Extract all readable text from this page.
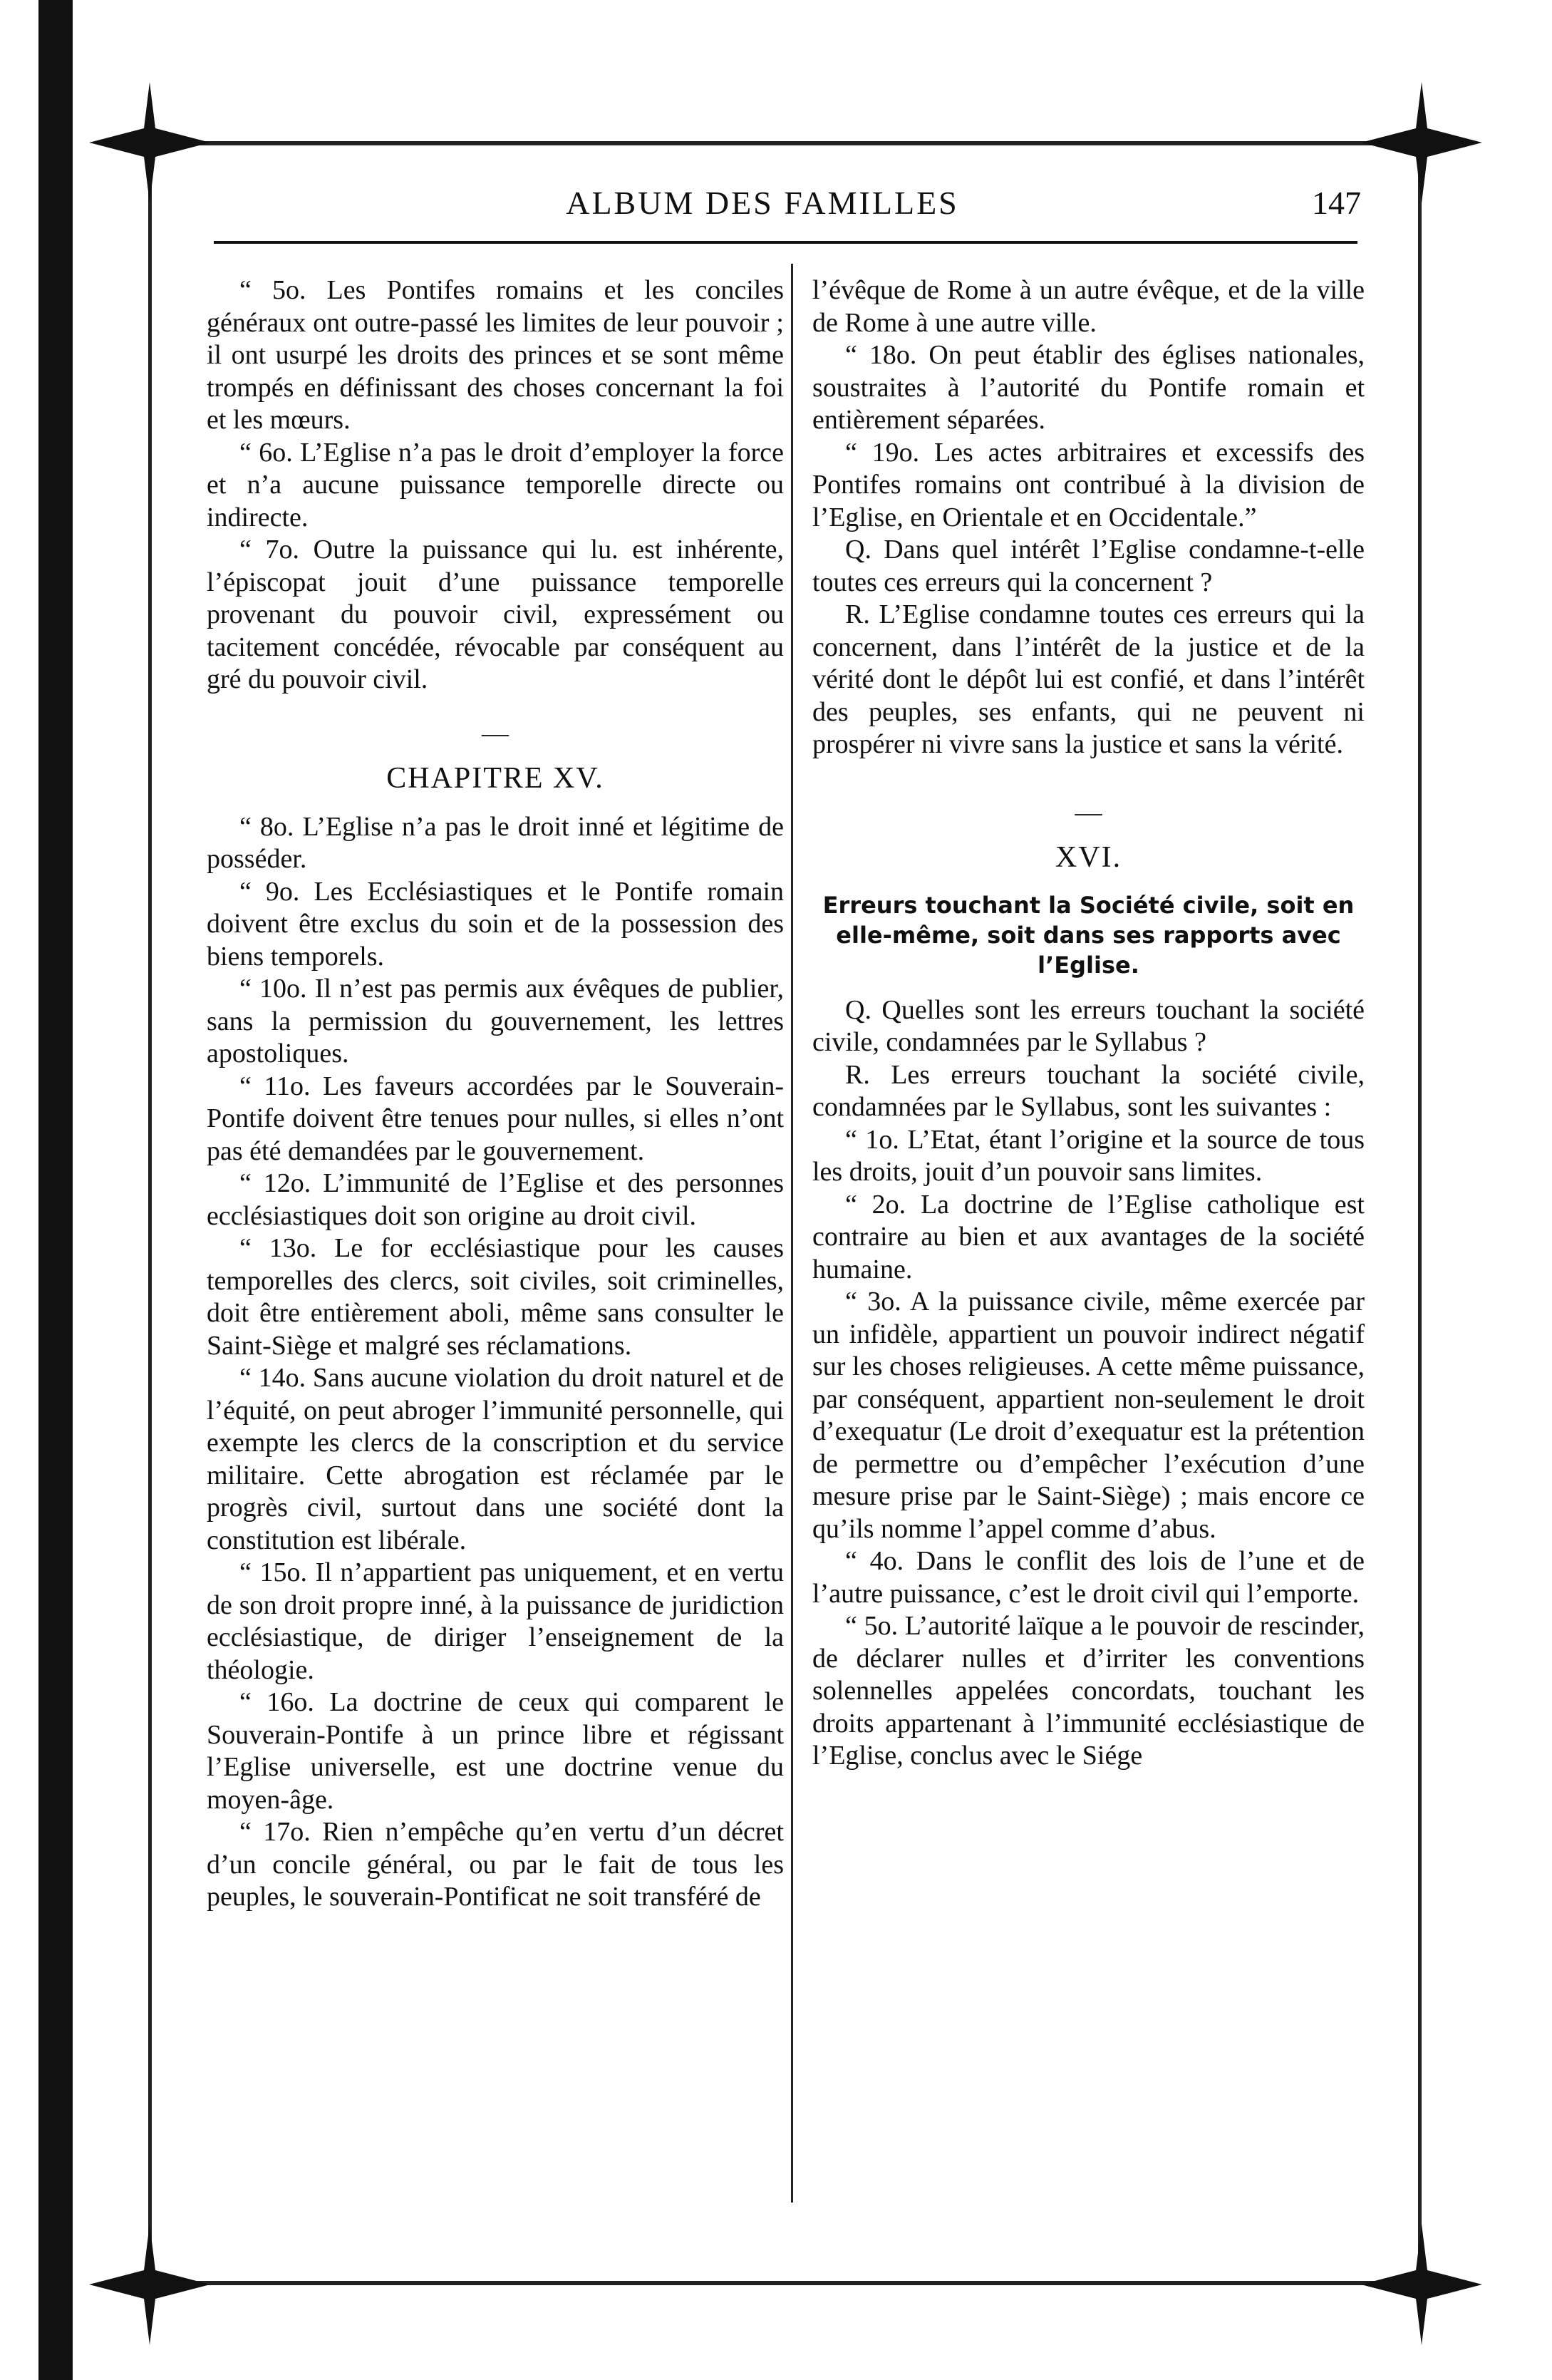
ALBUM DES FAMILLES	147

“ 5o. Les Pontifes romains et les conciles généraux ont outre-passé les limites de leur pouvoir ; il ont usurpé les droits des princes et se sont même trompés en définissant des choses concernant la foi et les mœurs.

“ 6o. L’Eglise n’a pas le droit d’employer la force et n’a aucune puissance temporelle directe ou indirecte.

“ 7o. Outre la puissance qui lu. est inhérente, l’épiscopat jouit d’une puissance temporelle provenant du pouvoir civil, expressément ou tacitement concédée, révocable par conséquent au gré du pouvoir civil.

—
CHAPITRE XV.

“ 8o. L’Eglise n’a pas le droit inné et légitime de posséder.

“ 9o. Les Ecclésiastiques et le Pontife romain doivent être exclus du soin et de la possession des biens temporels.

“ 10o. Il n’est pas permis aux évêques de publier, sans la permission du gouvernement, les lettres apostoliques.

“ 11o. Les faveurs accordées par le Souverain-Pontife doivent être tenues pour nulles, si elles n’ont pas été demandées par le gouvernement.

“ 12o. L’immunité de l’Eglise et des personnes ecclésiastiques doit son origine au droit civil.

“ 13o. Le for ecclésiastique pour les causes temporelles des clercs, soit civiles, soit criminelles, doit être entièrement aboli, même sans consulter le Saint-Siège et malgré ses réclamations.

“ 14o. Sans aucune violation du droit naturel et de l’équité, on peut abroger l’immunité personnelle, qui exempte les clercs de la conscription et du service militaire. Cette abrogation est réclamée par le progrès civil, surtout dans une société dont la constitution est libérale.

“ 15o. Il n’appartient pas uniquement, et en vertu de son droit propre inné, à la puissance de juridiction ecclésiastique, de diriger l’enseignement de la théologie.

“ 16o. La doctrine de ceux qui comparent le Souverain-Pontife à un prince libre et régissant l’Eglise universelle, est une doctrine venue du moyen-âge.

“ 17o. Rien n’empêche qu’en vertu d’un décret d’un concile général, ou par le fait de tous les peuples, le souverain-Pontificat ne soit transféré de

l’évêque de Rome à un autre évêque, et de la ville de Rome à une autre ville.

“ 18o. On peut établir des églises nationales, soustraites à l’autorité du Pontife romain et entièrement séparées.

“ 19o. Les actes arbitraires et excessifs des Pontifes romains ont contribué à la division de l’Eglise, en Orientale et en Occidentale.”

Q. Dans quel intérêt l’Eglise condamne-t-elle toutes ces erreurs qui la concernent ?

R. L’Eglise condamne toutes ces erreurs qui la concernent, dans l’intérêt de la justice et de la vérité dont le dépôt lui est confié, et dans l’intérêt des peuples, ses enfants, qui ne peuvent ni prospérer ni vivre sans la justice et sans la vérité.

—
XVI.
Erreurs touchant la Société civile, soit en elle-même, soit dans ses rapports avec l’Eglise.

Q. Quelles sont les erreurs touchant la société civile, condamnées par le Syllabus ?

R. Les erreurs touchant la société civile, condamnées par le Syllabus, sont les suivantes :

“ 1o. L’Etat, étant l’origine et la source de tous les droits, jouit d’un pouvoir sans limites.

“ 2o. La doctrine de l’Eglise catholique est contraire au bien et aux avantages de la société humaine.

“ 3o. A la puissance civile, même exercée par un infidèle, appartient un pouvoir indirect négatif sur les choses religieuses. A cette même puissance, par conséquent, appartient non-seulement le droit d’exequatur (Le droit d’exequatur est la prétention de permettre ou d’empêcher l’exécution d’une mesure prise par le Saint-Siège) ; mais encore ce qu’ils nomme l’appel comme d’abus.

“ 4o. Dans le conflit des lois de l’une et de l’autre puissance, c’est le droit civil qui l’emporte.

“ 5o. L’autorité laïque a le pouvoir de rescinder, de déclarer nulles et d’irriter les conventions solennelles appelées concordats, touchant les droits appartenant à l’immunité ecclésiastique de l’Eglise, conclus avec le Siége
